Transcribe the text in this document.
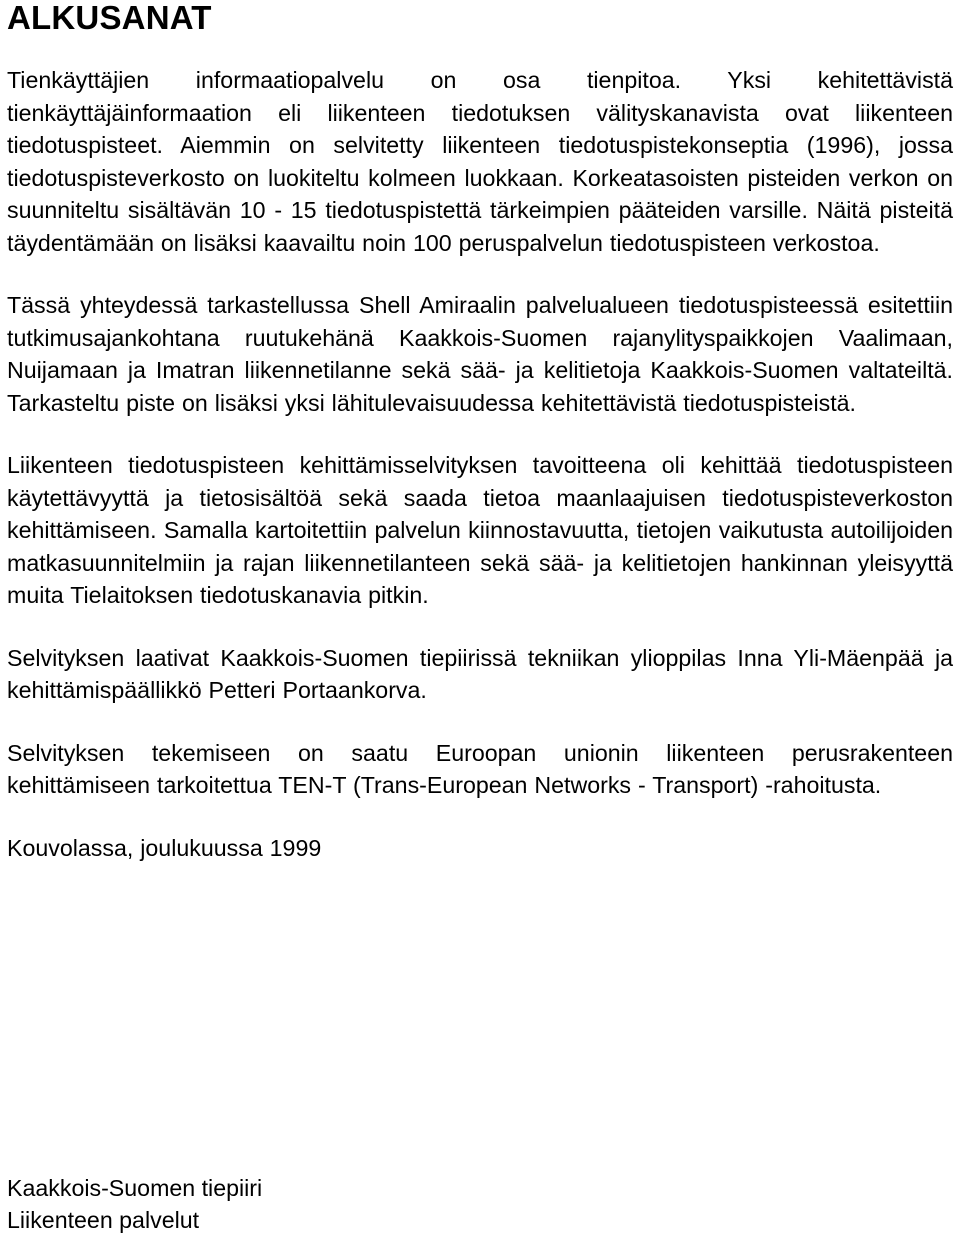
ALKUSANAT

Tienkäyttäjien informaatiopalvelu on osa tienpitoa. Yksi kehitettävistä tienkäyttäjäinformaation eli liikenteen tiedotuksen välityskanavista ovat liikenteen tiedotuspisteet. Aiemmin on selvitetty liikenteen tiedotuspistekonseptia (1996), jossa tiedotuspisteverkosto on luokiteltu kolmeen luokkaan. Korkeatasoisten pisteiden verkon on suunniteltu sisältävän 10 - 15 tiedotuspistettä tärkeimpien pääteiden varsille. Näitä pisteitä täydentämään on lisäksi kaavailtu noin 100 peruspalvelun tiedotuspisteen verkostoa.

Tässä yhteydessä tarkastellussa Shell Amiraalin palvelualueen tiedotuspisteessä esitettiin tutkimusajankohtana ruutukehänä Kaakkois-Suomen rajanylityspaikkojen Vaalimaan, Nuijamaan ja Imatran liikennetilanne sekä sää- ja kelitietoja Kaakkois-Suomen valtateiltä. Tarkasteltu piste on lisäksi yksi lähitulevaisuudessa kehitettävistä tiedotuspisteistä.

Liikenteen tiedotuspisteen kehittämisselvityksen tavoitteena oli kehittää tiedotuspisteen käytettävyyttä ja tietosisältöä sekä saada tietoa maanlaajuisen tiedotuspisteverkoston kehittämiseen. Samalla kartoitettiin palvelun kiinnostavuutta, tietojen vaikutusta autoilijoiden matkasuunnitelmiin ja rajan liikennetilanteen sekä sää- ja kelitietojen hankinnan yleisyyttä muita Tielaitoksen tiedotuskanavia pitkin.

Selvityksen laativat Kaakkois-Suomen tiepiirissä tekniikan ylioppilas Inna Yli-Mäenpää ja kehittämispäällikkö Petteri Portaankorva.

Selvityksen tekemiseen on saatu Euroopan unionin liikenteen perusrakenteen kehittämiseen tarkoitettua TEN-T (Trans-European Networks - Transport) -rahoitusta.

Kouvolassa, joulukuussa 1999

Kaakkois-Suomen tiepiiri
Liikenteen palvelut
